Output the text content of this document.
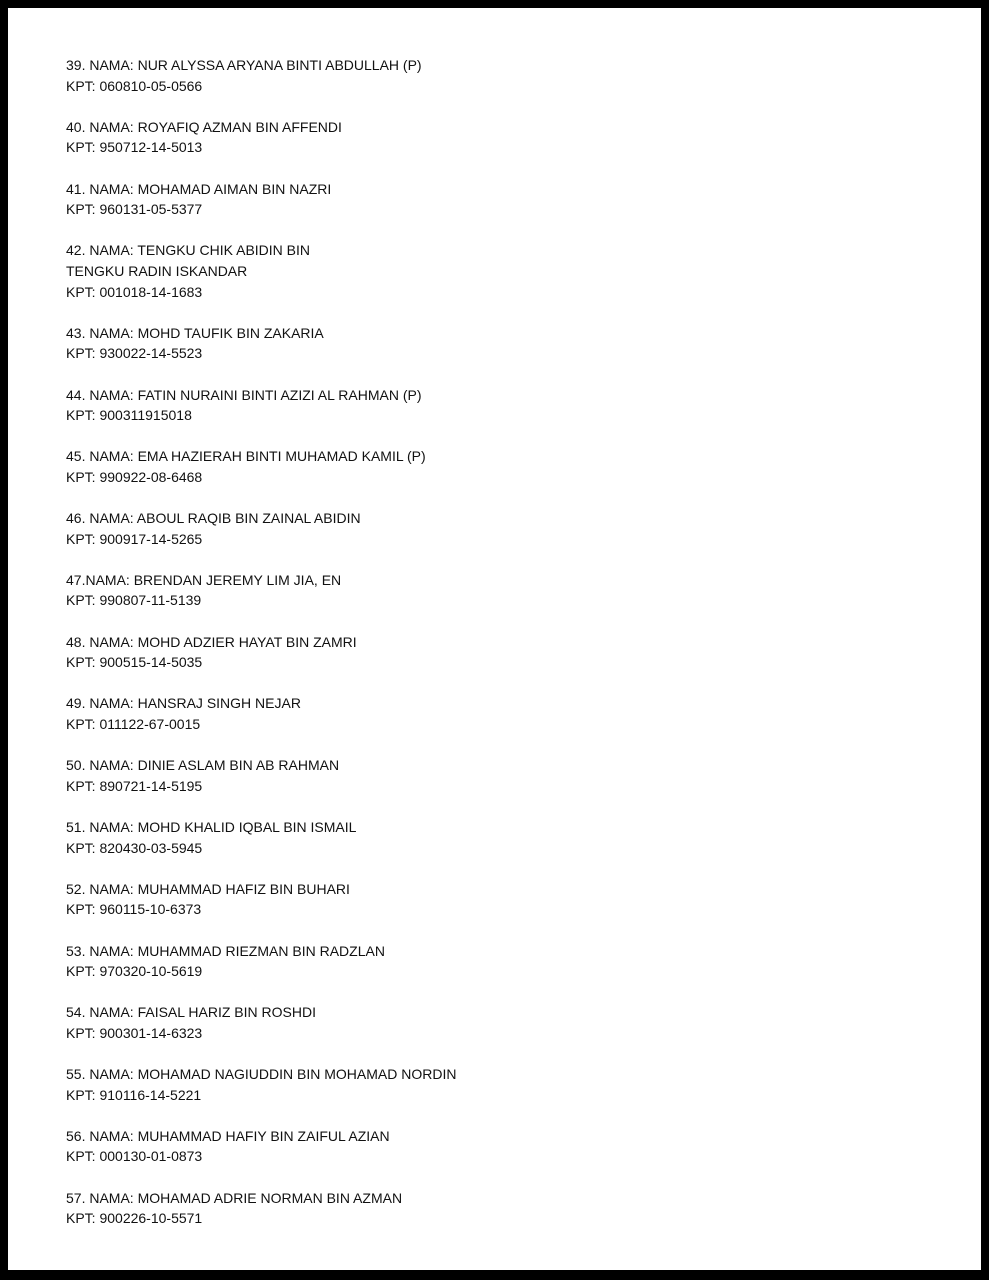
39. NAMA: NUR ALYSSA ARYANA BINTI ABDULLAH (P)
KPT: 060810-05-0566
40. NAMA: ROYAFIQ AZMAN BIN AFFENDI
KPT: 950712-14-5013
41. NAMA: MOHAMAD AIMAN BIN NAZRI
KPT: 960131-05-5377
42. NAMA: TENGKU CHIK ABIDIN BIN
TENGKU RADIN ISKANDAR
KPT: 001018-14-1683
43. NAMA: MOHD TAUFIK BIN ZAKARIA
KPT: 930022-14-5523
44. NAMA: FATIN NURAINI BINTI AZIZI AL RAHMAN (P)
KPT: 900311915018
45. NAMA: EMA HAZIERAH BINTI MUHAMAD KAMIL (P)
KPT: 990922-08-6468
46. NAMA: ABOUL RAQIB BIN ZAINAL ABIDIN
KPT: 900917-14-5265
47.NAMA: BRENDAN JEREMY LIM JIA, EN
KPT: 990807-11-5139
48. NAMA: MOHD ADZIER HAYAT BIN ZAMRI
KPT: 900515-14-5035
49. NAMA: HANSRAJ SINGH NEJAR
KPT: 011122-67-0015
50. NAMA: DINIE ASLAM BIN AB RAHMAN
KPT: 890721-14-5195
51. NAMA: MOHD KHALID IQBAL BIN ISMAIL
KPT: 820430-03-5945
52. NAMA: MUHAMMAD HAFIZ BIN BUHARI
KPT: 960115-10-6373
53. NAMA: MUHAMMAD RIEZMAN BIN RADZLAN
KPT: 970320-10-5619
54. NAMA: FAISAL HARIZ BIN ROSHDI
KPT: 900301-14-6323
55. NAMA: MOHAMAD NAGIUDDIN BIN MOHAMAD NORDIN
KPT: 910116-14-5221
56. NAMA: MUHAMMAD HAFIY BIN ZAIFUL AZIAN
KPT: 000130-01-0873
57. NAMA: MOHAMAD ADRIE NORMAN BIN AZMAN
KPT: 900226-10-5571
